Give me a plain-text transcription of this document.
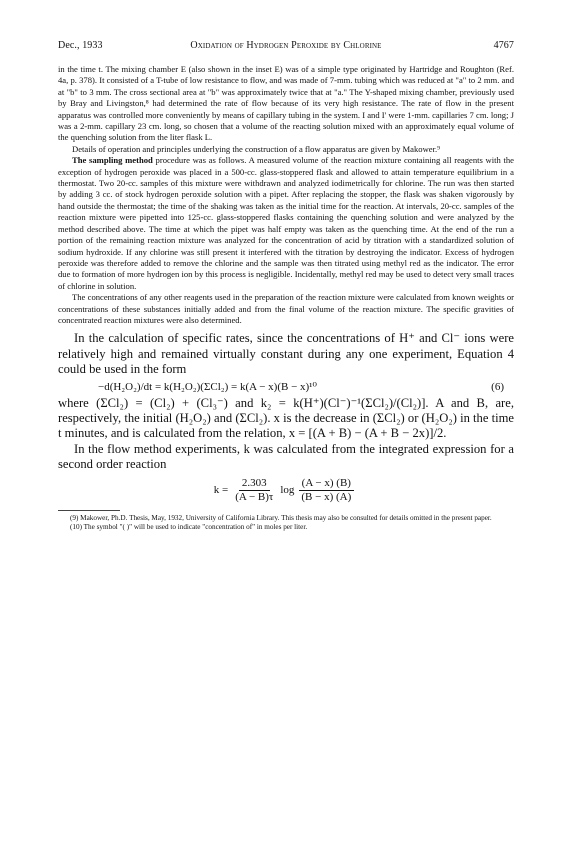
Dec., 1933	Oxidation of Hydrogen Peroxide by Chlorine	4767

in the time t. The mixing chamber E (also shown in the inset E) was of a simple type originated by Hartridge and Roughton (Ref. 4a, p. 378). It consisted of a T-tube of low resistance to flow, and was made of 7-mm. tubing which was reduced at "a" to 2 mm. and at "b" to 3 mm. The cross sectional area at "b" was approximately twice that at "a." The Y-shaped mixing chamber, previously used by Bray and Livingston,⁸ had determined the rate of flow because of its very high resistance. The rate of flow in the present apparatus was controlled more conveniently by means of capillary tubing in the system. I and I' were 1-mm. capillaries 7 cm. long; J was a 2-mm. capillary 23 cm. long, so chosen that a volume of the reacting solution mixed with an approximately equal volume of the quenching solution from the liter flask L.

Details of operation and principles underlying the construction of a flow apparatus are given by Makower.⁹

The sampling method procedure was as follows. A measured volume of the reaction mixture containing all reagents with the exception of hydrogen peroxide was placed in a 500-cc. glass-stoppered flask and allowed to attain temperature equilibrium in a thermostat. Two 20-cc. samples of this mixture were withdrawn and analyzed iodimetrically for chlorine. The run was then started by adding 3 cc. of stock hydrogen peroxide solution with a pipet. After replacing the stopper, the flask was shaken vigorously by hand outside the thermostat; the time of the shaking was taken as the initial time for the reaction. At intervals, 20-cc. samples of the reaction mixture were pipetted into 125-cc. glass-stoppered flasks containing the quenching solution and were analyzed by the method described above. The time at which the pipet was half empty was taken as the quenching time. At the end of the run a portion of the remaining reaction mixture was analyzed for the concentration of acid by titration with a standardized solution of sodium hydroxide. If any chlorine was still present it interfered with the titration by destroying the indicator. Excess of hydrogen peroxide was therefore added to remove the chlorine and the sample was then titrated using methyl red as the indicator. The error due to formation of more hydrogen ion by this process is negligible. Incidentally, methyl red may be used to detect very small traces of chlorine in solution.

The concentrations of any other reagents used in the preparation of the reaction mixture were calculated from known weights or concentrations of these substances initially added and from the final volume of the reaction mixture. The specific gravities of concentrated reaction mixtures were also determined.

In the calculation of specific rates, since the concentrations of H⁺ and Cl⁻ ions were relatively high and remained virtually constant during any one experiment, Equation 4 could be used in the form

−d(H₂O₂)/dt = k(H₂O₂)(ΣCl₂) = k(A − x)(B − x)¹⁰	(6)

where (ΣCl₂) = (Cl₂) + (Cl₃⁻) and k₂ = k(H⁺)(Cl⁻)⁻¹(ΣCl₂)/(Cl₂)]. A and B, are, respectively, the initial (H₂O₂) and (ΣCl₂). x is the decrease in (ΣCl₂) or (H₂O₂) in the time t minutes, and is calculated from the relation, x = [(A + B) − (A + B − 2x)]/2.

In the flow method experiments, k was calculated from the integrated expression for a second order reaction

$k = \frac{2.303}{(A - B)\tau}$ $\log \frac{(A - x) (B)}{(B - x) (A)}$

(9) Makower, Ph.D. Thesis, May, 1932, University of California Library. This thesis may also be consulted for details omitted in the present paper.

(10) The symbol "( )" will be used to indicate "concentration of" in moles per liter.
